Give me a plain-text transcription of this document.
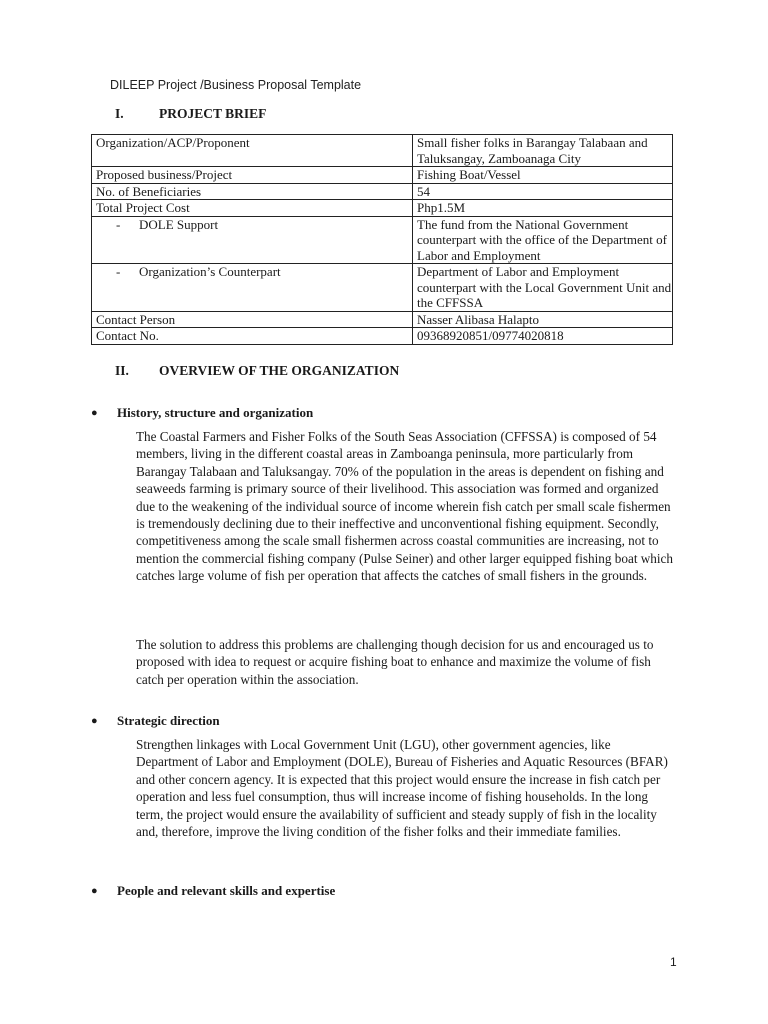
DILEEP Project /Business Proposal Template
I.	PROJECT BRIEF
Organization/ACP/Proponent	Small fisher folks in Barangay Talabaan and Taluksangay, Zamboanaga City
Proposed business/Project	Fishing Boat/Vessel
No. of Beneficiaries	54
Total Project Cost	Php1.5M
- DOLE Support	The fund from the National Government counterpart with the office of the Department of Labor and Employment
- Organization’s Counterpart	Department of Labor and Employment counterpart with the Local Government Unit and the CFFSSA
Contact Person	Nasser Alibasa Halapto
Contact No.	09368920851/09774020818
II.	OVERVIEW OF THE ORGANIZATION
●	History, structure and organization

The Coastal Farmers and Fisher Folks of the South Seas Association (CFFSSA) is composed of 54 members, living in the different coastal areas in Zamboanga peninsula, more particularly from Barangay Talabaan and Taluksangay. 70% of the population in the areas is dependent on fishing and seaweeds farming is primary source of their livelihood. This association was formed and organized due to the weakening of the individual source of income wherein fish catch per small scale fishermen is tremendously declining due to their ineffective and unconventional fishing equipment. Secondly, competitiveness among the scale small fishermen across coastal communities are increasing, not to mention the commercial fishing company (Pulse Seiner) and other larger equipped fishing boat which catches large volume of fish per operation that affects the catches of small fishers in the grounds.

The solution to address this problems are challenging though decision for us and encouraged us to proposed with idea to request or acquire fishing boat to enhance and maximize the volume of fish catch per operation within the association.

●	Strategic direction

Strengthen linkages with Local Government Unit (LGU), other government agencies, like Department of Labor and Employment (DOLE), Bureau of Fisheries and Aquatic Resources (BFAR) and other concern agency. It is expected that this project would ensure the increase in fish catch per operation and less fuel consumption, thus will increase income of fishing households. In the long term, the project would ensure the availability of sufficient and steady supply of fish in the locality and, therefore, improve the living condition of the fisher folks and their immediate families.

●	People and relevant skills and expertise
1
